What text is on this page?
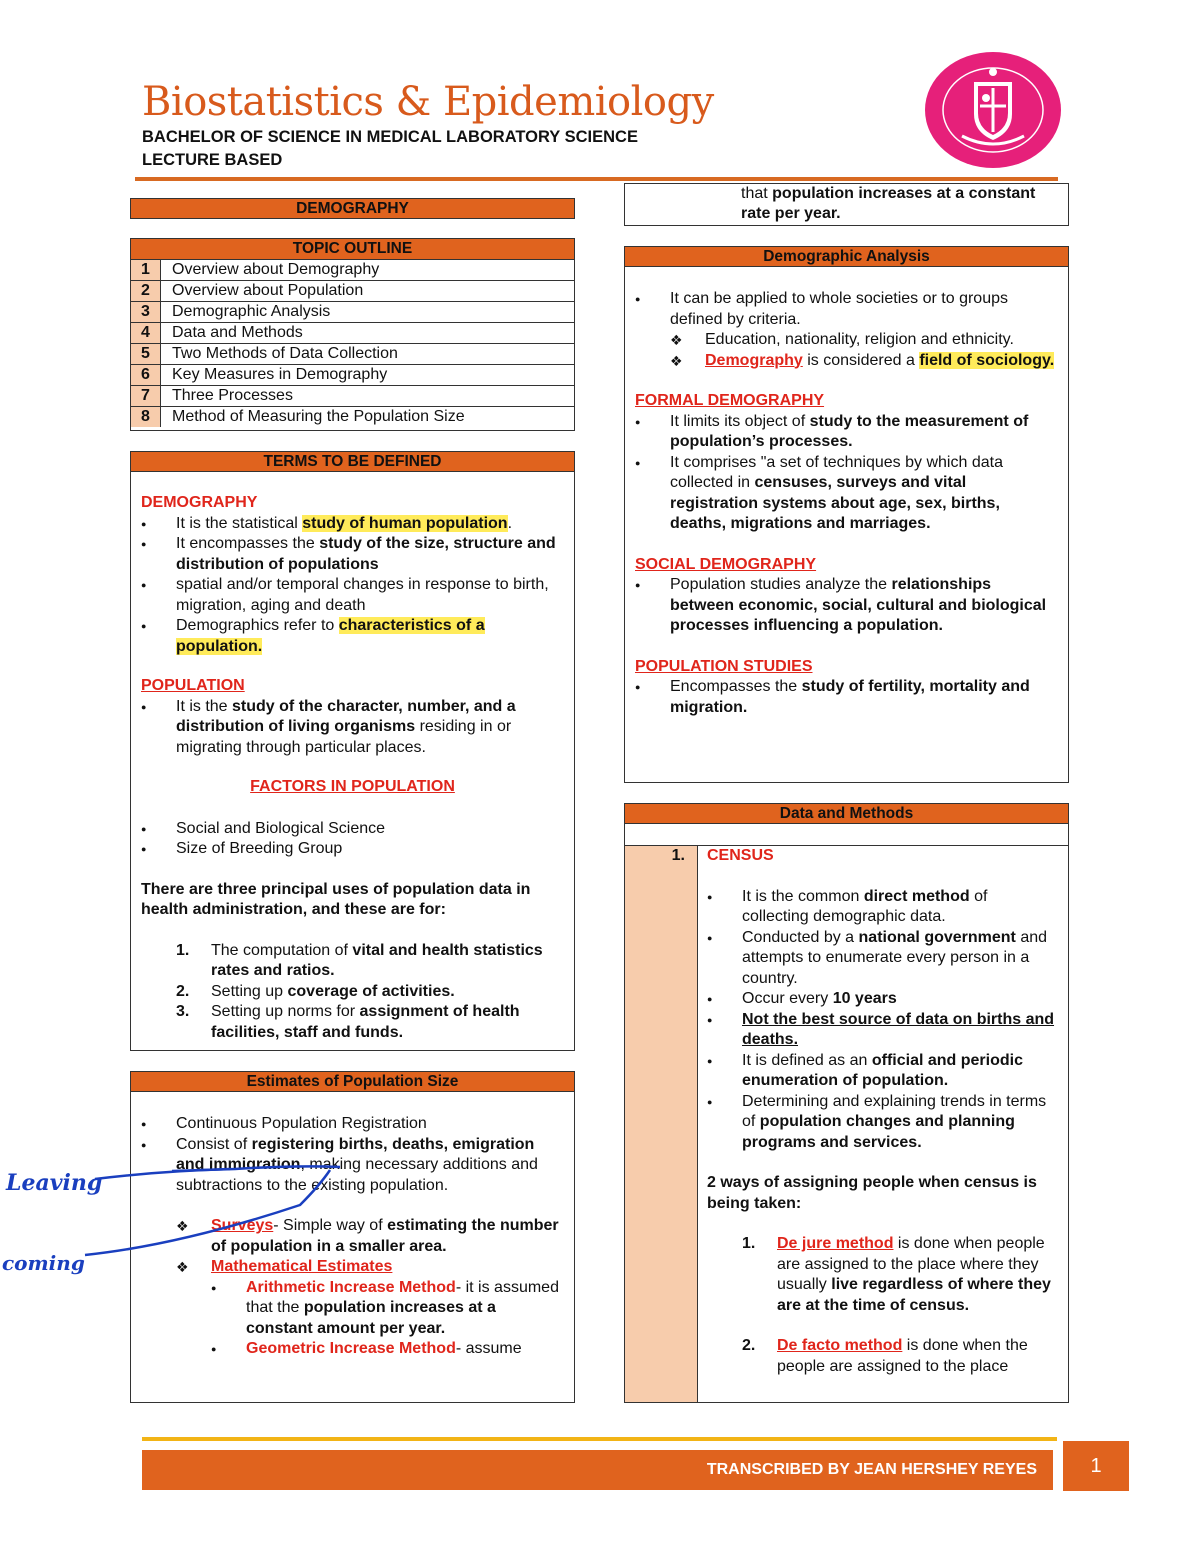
Biostatistics & Epidemiology
BACHELOR OF SCIENCE IN MEDICAL LABORATORY SCIENCE
LECTURE BASED
DEMOGRAPHY
TOPIC OUTLINE
1	Overview about Demography
2	Overview about Population
3	Demographic Analysis
4	Data and Methods
5	Two Methods of Data Collection
6	Key Measures in Demography
7	Three Processes
8	Method of Measuring the Population Size
TERMS TO BE DEFINED
DEMOGRAPHY
● It is the statistical study of human population.
● It encompasses the study of the size, structure and distribution of populations
● spatial and/or temporal changes in response to birth, migration, aging and death
● Demographics refer to characteristics of a population.
POPULATION
● It is the study of the character, number, and a distribution of living organisms residing in or migrating through particular places.
FACTORS IN POPULATION
● Social and Biological Science
● Size of Breeding Group
There are three principal uses of population data in health administration, and these are for:
1. The computation of vital and health statistics rates and ratios.
2. Setting up coverage of activities.
3. Setting up norms for assignment of health facilities, staff and funds.
Estimates of Population Size
● Continuous Population Registration
● Consist of registering births, deaths, emigration and immigration, making necessary additions and subtractions to the existing population.
❖ Surveys- Simple way of estimating the number of population in a smaller area.
❖ Mathematical Estimates
● Arithmetic Increase Method- it is assumed that the population increases at a constant amount per year.
● Geometric Increase Method- assume
Leaving
coming
that population increases at a constant rate per year.
Demographic Analysis
● It can be applied to whole societies or to groups defined by criteria.
❖ Education, nationality, religion and ethnicity.
❖ Demography is considered a field of sociology.
FORMAL DEMOGRAPHY
● It limits its object of study to the measurement of population’s processes.
● It comprises "a set of techniques by which data collected in censuses, surveys and vital registration systems about age, sex, births, deaths, migrations and marriages.
SOCIAL DEMOGRAPHY
● Population studies analyze the relationships between economic, social, cultural and biological processes influencing a population.
POPULATION STUDIES
● Encompasses the study of fertility, mortality and migration.
Data and Methods
1.	CENSUS
● It is the common direct method of collecting demographic data.
● Conducted by a national government and attempts to enumerate every person in a country.
● Occur every 10 years
● Not the best source of data on births and deaths.
● It is defined as an official and periodic enumeration of population.
● Determining and explaining trends in terms of population changes and planning programs and services.
2 ways of assigning people when census is being taken:
1. De jure method is done when people are assigned to the place where they usually live regardless of where they are at the time of census.
2. De facto method is done when the people are assigned to the place
TRANSCRIBED BY JEAN HERSHEY REYES	1
